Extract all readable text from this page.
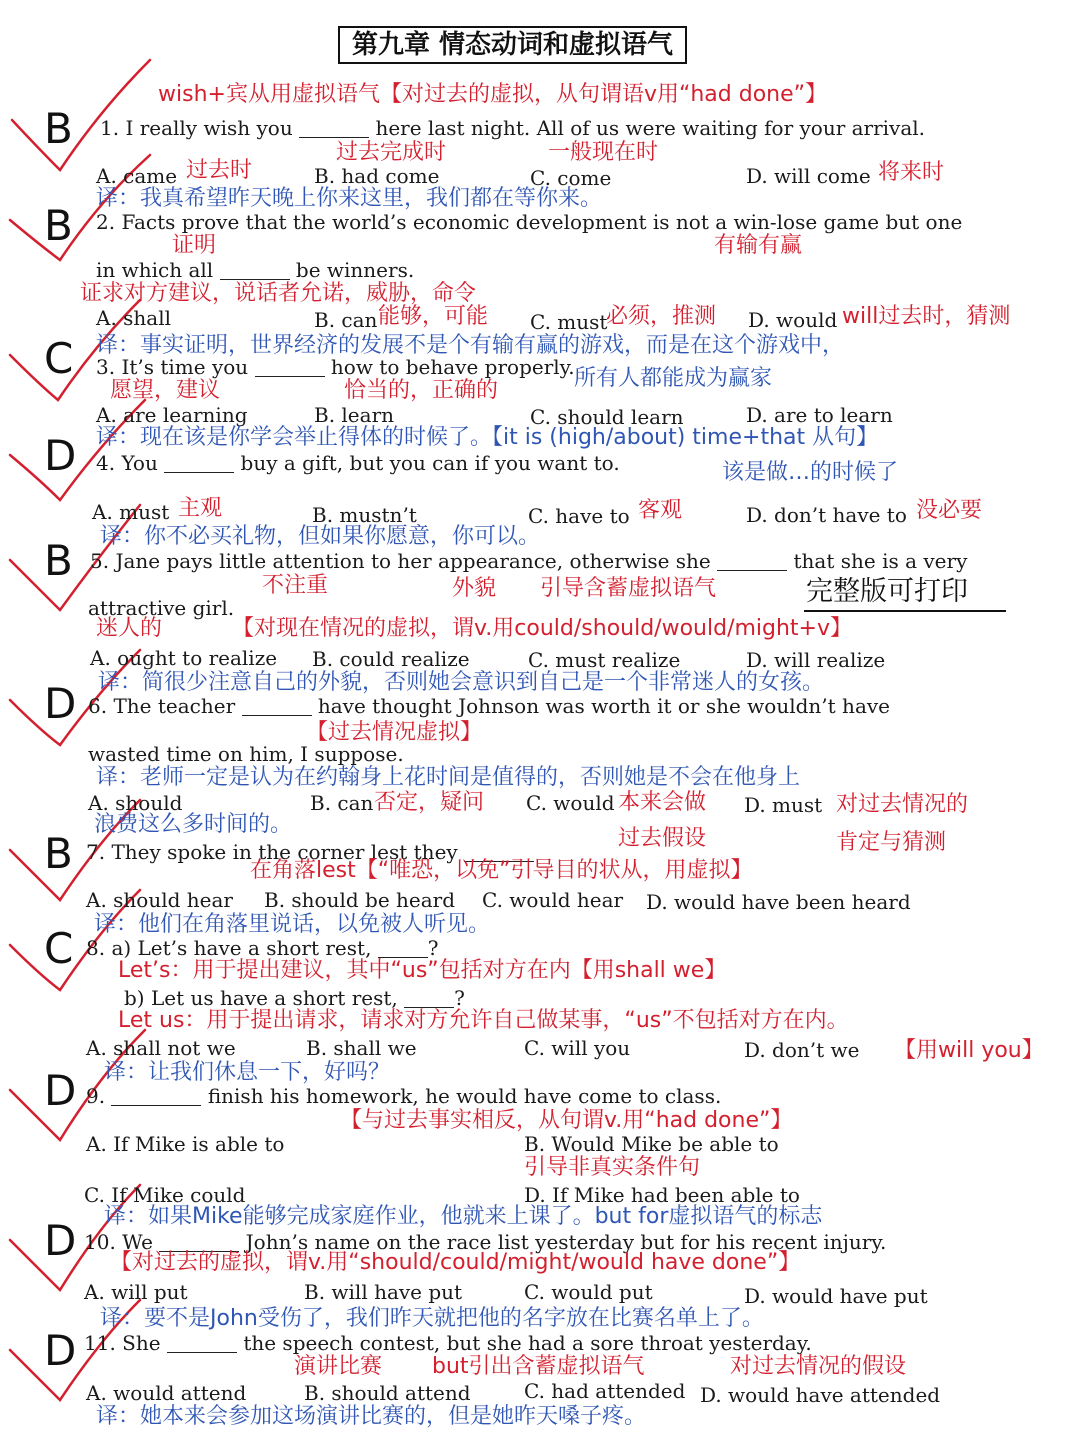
第九章 情态动词和虚拟语气
B
B
C
D
B
D
B
C
D
D
D
wish+宾从用虚拟语气【对过去的虚拟，从句谓语v用“had done”】
1. I really wish you	here last night. All of us were waiting for your arrival.
过去完成时	一般现在时
A. came 过去时	B. had come	C. come	D. will come 将来时
译：我真希望昨天晚上你来这里，我们都在等你来。
2. Facts prove that the world’s economic development is not a win-lose game but one
证明	有输有赢
in which all	be winners.
证求对方建议，说话者允诺，威胁，命令
A. shall	B. can 能够，可能 C. must
必须，推测 D. would will过去时，猜测
译：事实证明，世界经济的发展不是个有输有赢的游戏，而是在这个游戏中，
3. It’s time you	how to behave properly. 所有人都能成为赢家
愿望，建议	恰当的，正确的
A. are learning	B. learn	C. should learn	D. are to learn
译：现在该是你学会举止得体的时候了。【it is (high/about) time+that 从句】
该是做…的时候了
4. You	buy a gift, but you can if you want to.
A. must 主观	B. mustn’t	C. have to 客观	D. don’t have to 没必要
译：你不必买礼物，但如果你愿意，你可以。
5. Jane pays little attention to her appearance, otherwise she	that she is a very
不注重	外貌 引导含蓄虚拟语气	完整版可打印
attractive girl.
迷人的	【对现在情况的虚拟，谓v.用could/should/would/might+v】
A. ought to realize B. could realize	C. must realize	D. will realize
译：简很少注意自己的外貌，否则她会意识到自己是一个非常迷人的女孩。
6. The teacher	have thought Johnson was worth it or she wouldn’t have
【过去情况虚拟】
wasted time on him, I suppose.
译：老师一定是认为在约翰身上花时间是值得的，否则她是不会在他身上
A. should	B. can 否定，疑问 C. would 本来会做 D. must 对过去情况的
浪费这么多时间的。
过去假设	肯定与猜测
7. They spoke in the corner lest they
在角落lest【“唯恐，以免”引导目的状从，用虚拟】
A. should hear B. should be heard C. would hear D. would have been heard
译：他们在角落里说话，以免被人听见。
8. a) Let’s have a short rest,	?
Let’s：用于提出建议，其中“us”包括对方在内【用shall we】
b) Let us have a short rest,	?
Let us：用于提出请求，请求对方允许自己做某事，“us”不包括对方在内。
A. shall not we	B. shall we	C. will you	D. don’t we 【用will you】
译：让我们休息一下，好吗？
9.	finish his homework, he would have come to class.
【与过去事实相反，从句谓v.用“had done”】
A. If Mike is able to	B. Would Mike be able to
引导非真实条件句
C. If Mike could	D. If Mike had been able to
译：如果Mike能够完成家庭作业，他就来上课了。but for虚拟语气的标志
10. We	John’s name on the race list yesterday but for his recent injury.
【对过去的虚拟，谓v.用“should/could/might/would have done”】
A. will put	B. will have put	C. would put	D. would have put
译：要不是John受伤了，我们昨天就把他的名字放在比赛名单上了。
11. She	the speech contest, but she had a sore throat yesterday.
演讲比赛 but引出含蓄虚拟语气	对过去情况的假设
A. would attend	B. should attend	C. had attended D. would have attended
译：她本来会参加这场演讲比赛的，但是她昨天嗓子疼。
